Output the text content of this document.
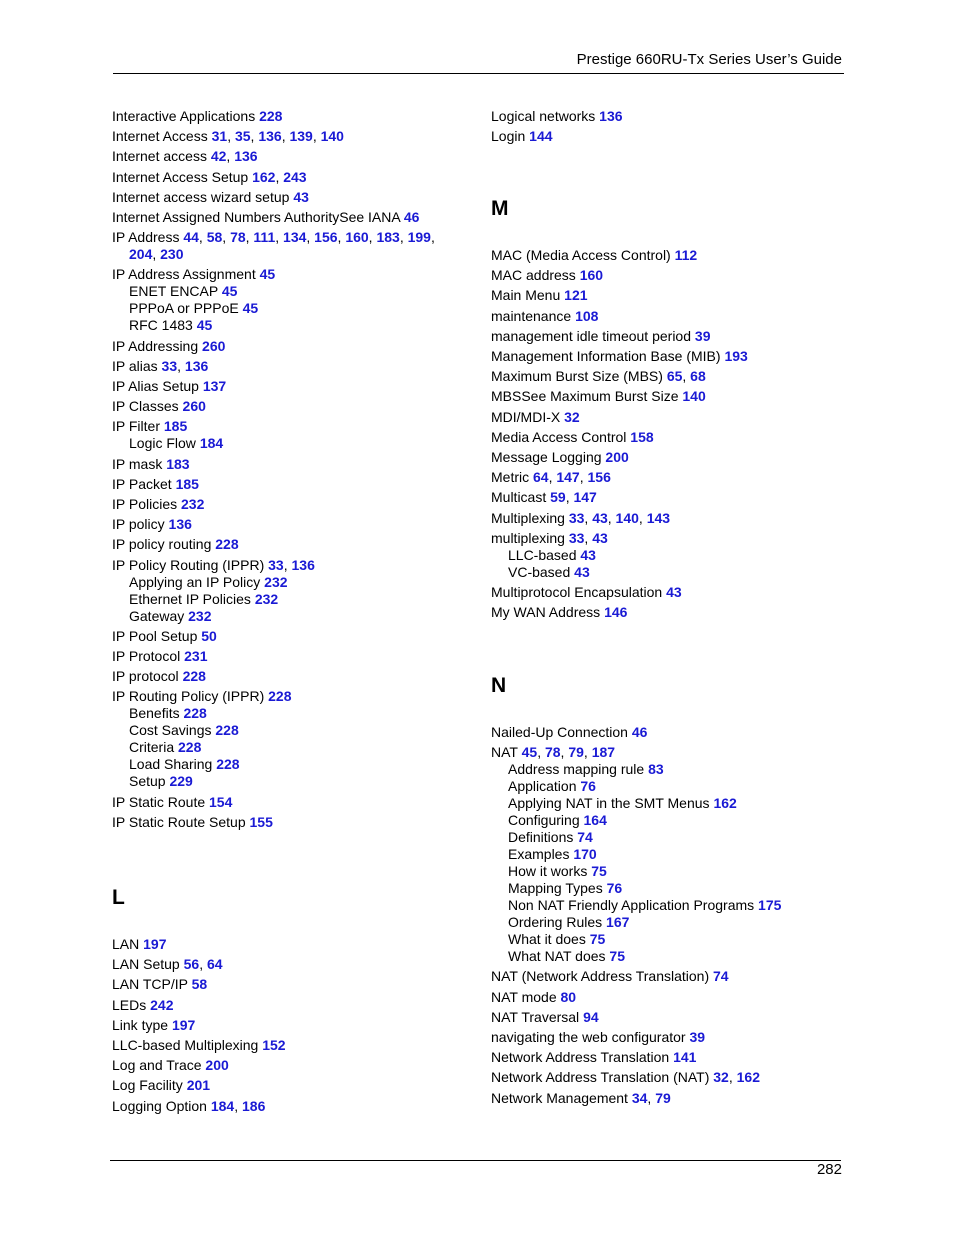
Prestige 660RU-Tx Series User’s Guide
Interactive Applications 228
Internet Access 31, 35, 136, 139, 140
Internet access 42, 136
Internet Access Setup 162, 243
Internet access wizard setup 43
Internet Assigned Numbers AuthoritySee IANA 46
IP Address 44, 58, 78, 111, 134, 156, 160, 183, 199,
204, 230
IP Address Assignment 45
ENET ENCAP 45
PPPoA or PPPoE 45
RFC 1483 45
IP Addressing 260
IP alias 33, 136
IP Alias Setup 137
IP Classes 260
IP Filter 185
Logic Flow 184
IP mask 183
IP Packet 185
IP Policies 232
IP policy 136
IP policy routing 228
IP Policy Routing (IPPR) 33, 136
Applying an IP Policy 232
Ethernet IP Policies 232
Gateway 232
IP Pool Setup 50
IP Protocol 231
IP protocol 228
IP Routing Policy (IPPR) 228
Benefits 228
Cost Savings 228
Criteria 228
Load Sharing 228
Setup 229
IP Static Route 154
IP Static Route Setup 155
L
LAN 197
LAN Setup 56, 64
LAN TCP/IP 58
LEDs 242
Link type 197
LLC-based Multiplexing 152
Log and Trace 200
Log Facility 201
Logging Option 184, 186
Logical networks 136
Login 144
M
MAC (Media Access Control) 112
MAC address 160
Main Menu 121
maintenance 108
management idle timeout period 39
Management Information Base (MIB) 193
Maximum Burst Size (MBS) 65, 68
MBSSee Maximum Burst Size 140
MDI/MDI-X 32
Media Access Control 158
Message Logging 200
Metric 64, 147, 156
Multicast 59, 147
Multiplexing 33, 43, 140, 143
multiplexing 33, 43
LLC-based 43
VC-based 43
Multiprotocol Encapsulation 43
My WAN Address 146
N
Nailed-Up Connection 46
NAT 45, 78, 79, 187
Address mapping rule 83
Application 76
Applying NAT in the SMT Menus 162
Configuring 164
Definitions 74
Examples 170
How it works 75
Mapping Types 76
Non NAT Friendly Application Programs 175
Ordering Rules 167
What it does 75
What NAT does 75
NAT (Network Address Translation) 74
NAT mode 80
NAT Traversal 94
navigating the web configurator 39
Network Address Translation 141
Network Address Translation (NAT) 32, 162
Network Management 34, 79
282
